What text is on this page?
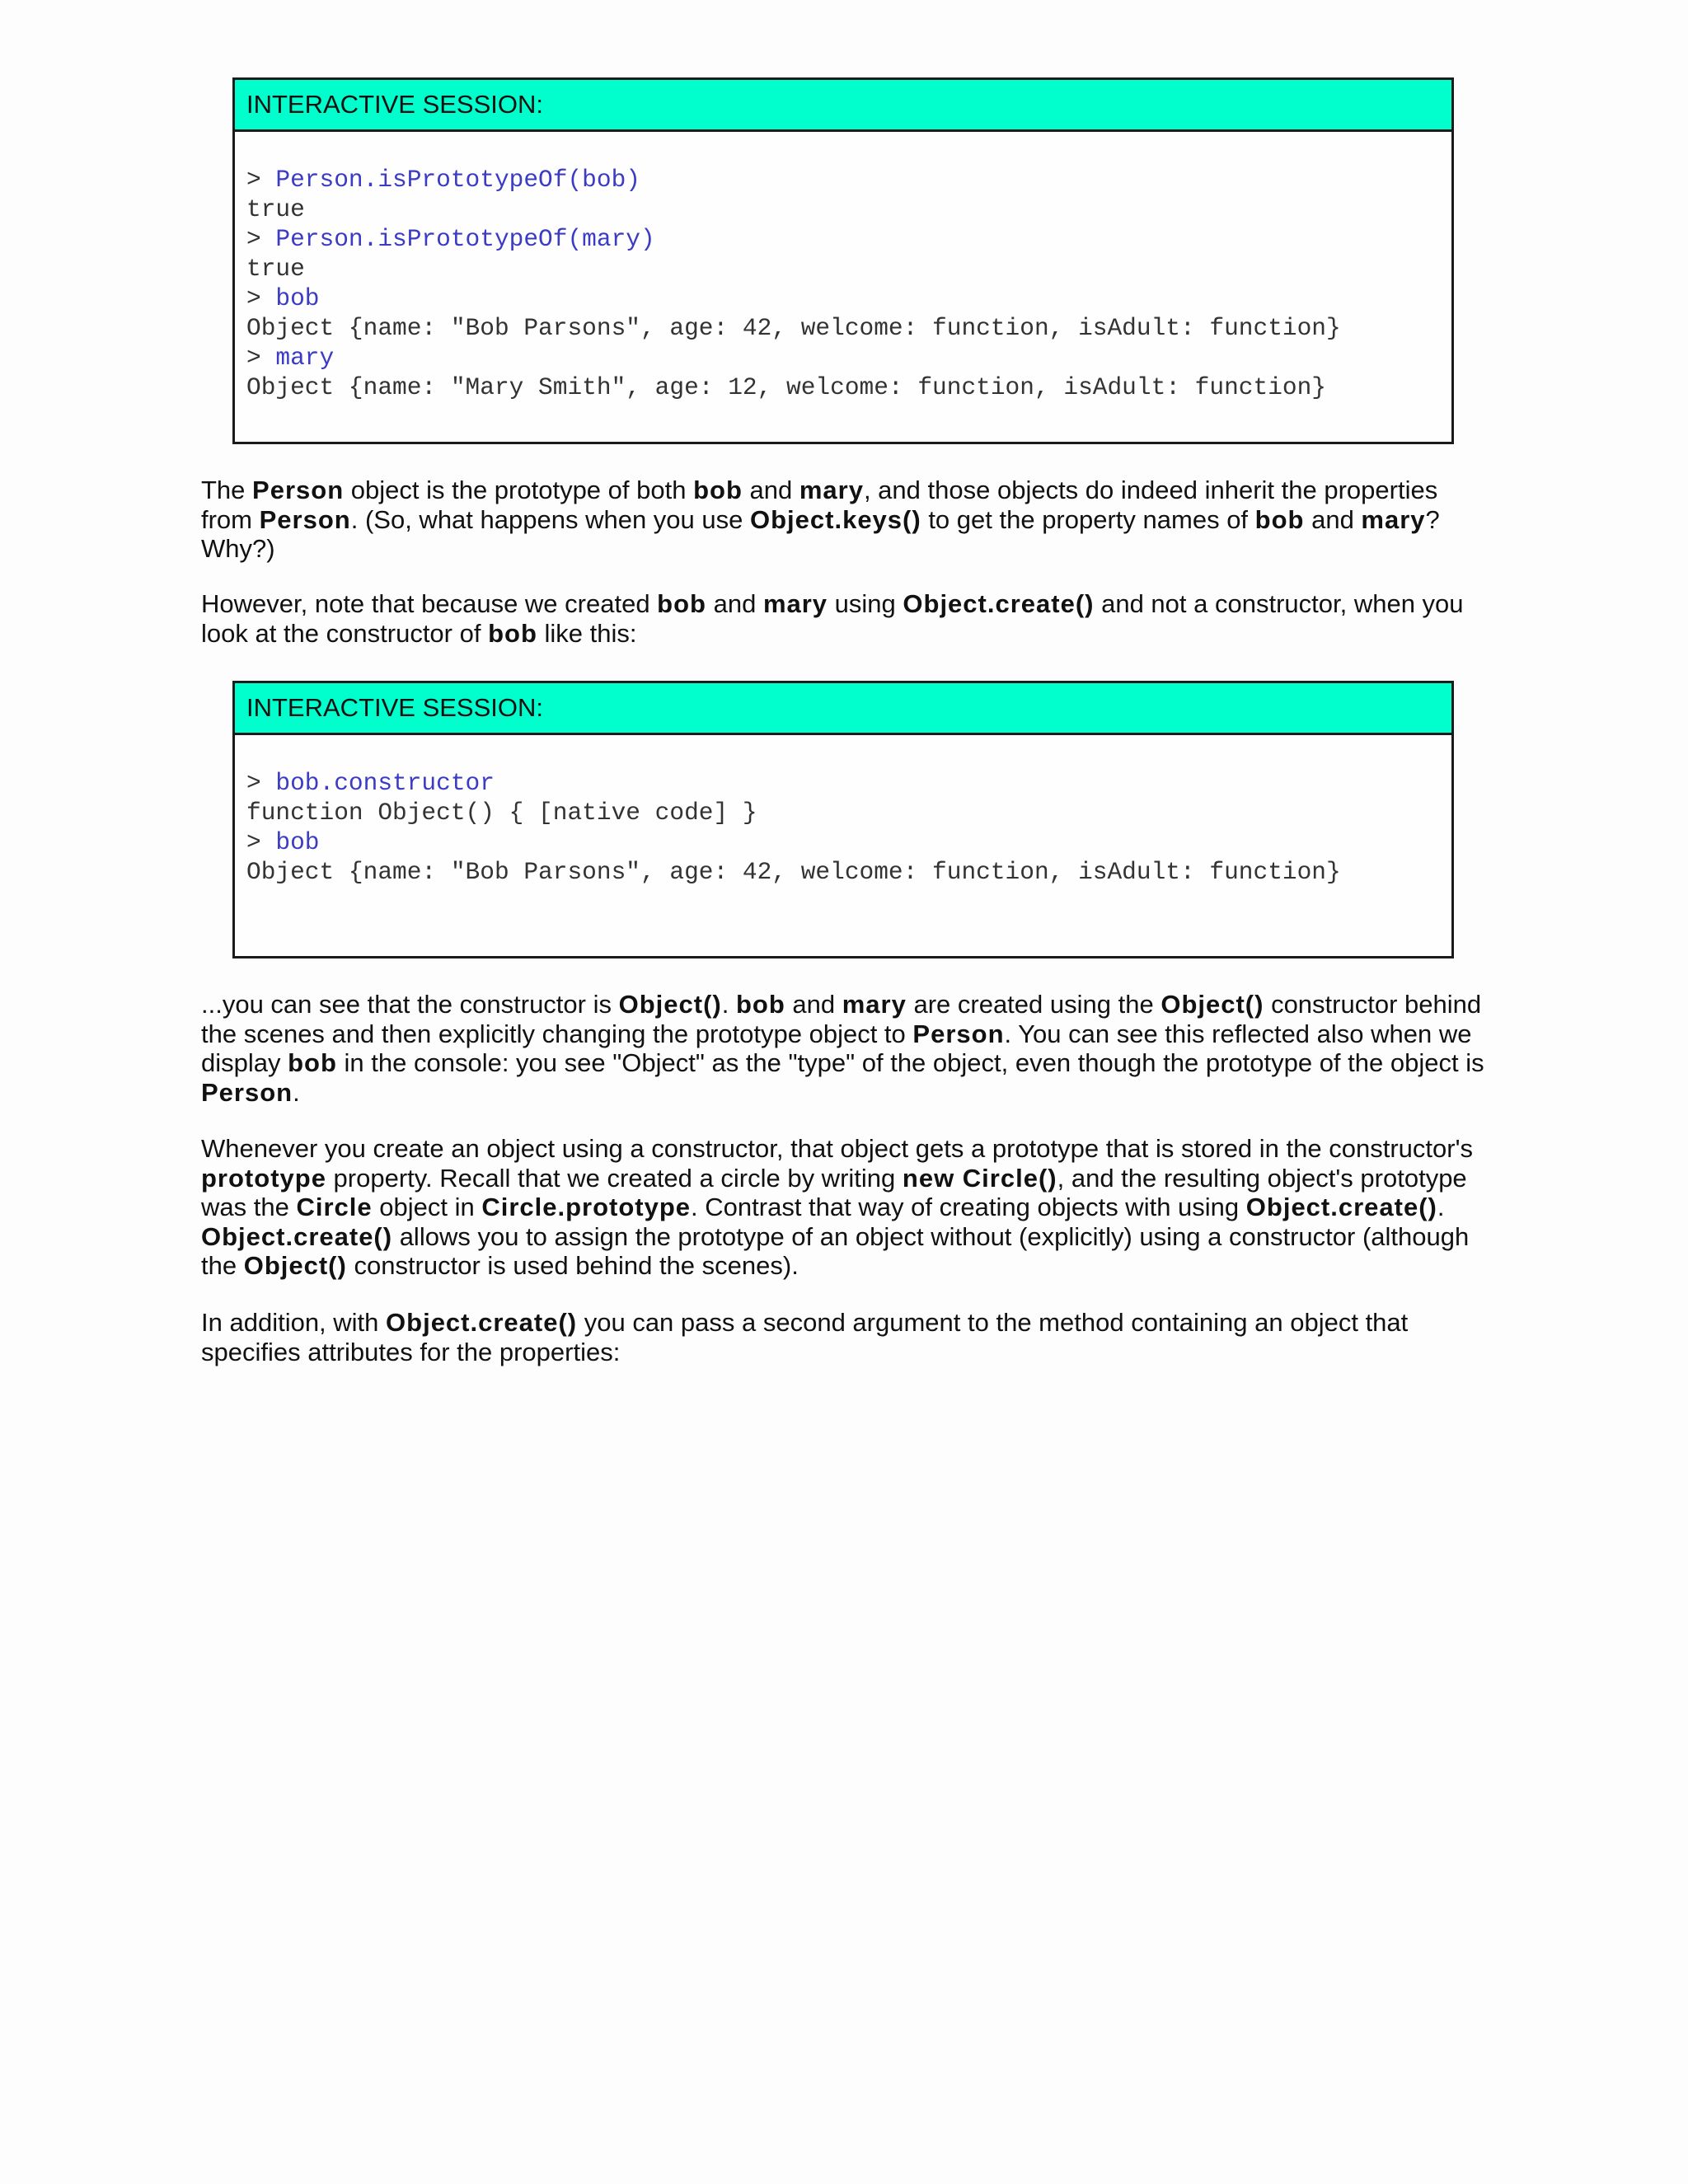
INTERACTIVE SESSION:
> Person.isPrototypeOf(bob)
true
> Person.isPrototypeOf(mary)
true
> bob
Object {name: "Bob Parsons", age: 42, welcome: function, isAdult: function}
> mary
Object {name: "Mary Smith", age: 12, welcome: function, isAdult: function}

The Person object is the prototype of both bob and mary, and those objects do indeed inherit the properties from Person. (So, what happens when you use Object.keys() to get the property names of bob and mary? Why?)

However, note that because we created bob and mary using Object.create() and not a constructor, when you look at the constructor of bob like this:

INTERACTIVE SESSION:
> bob.constructor
function Object() { [native code] }
> bob
Object {name: "Bob Parsons", age: 42, welcome: function, isAdult: function}

...you can see that the constructor is Object(). bob and mary are created using the Object() constructor behind the scenes and then explicitly changing the prototype object to Person. You can see this reflected also when we display bob in the console: you see "Object" as the "type" of the object, even though the prototype of the object is Person.

Whenever you create an object using a constructor, that object gets a prototype that is stored in the constructor's prototype property. Recall that we created a circle by writing new Circle(), and the resulting object's prototype was the Circle object in Circle.prototype. Contrast that way of creating objects with using Object.create(). Object.create() allows you to assign the prototype of an object without (explicitly) using a constructor (although the Object() constructor is used behind the scenes).

In addition, with Object.create() you can pass a second argument to the method containing an object that specifies attributes for the properties:
